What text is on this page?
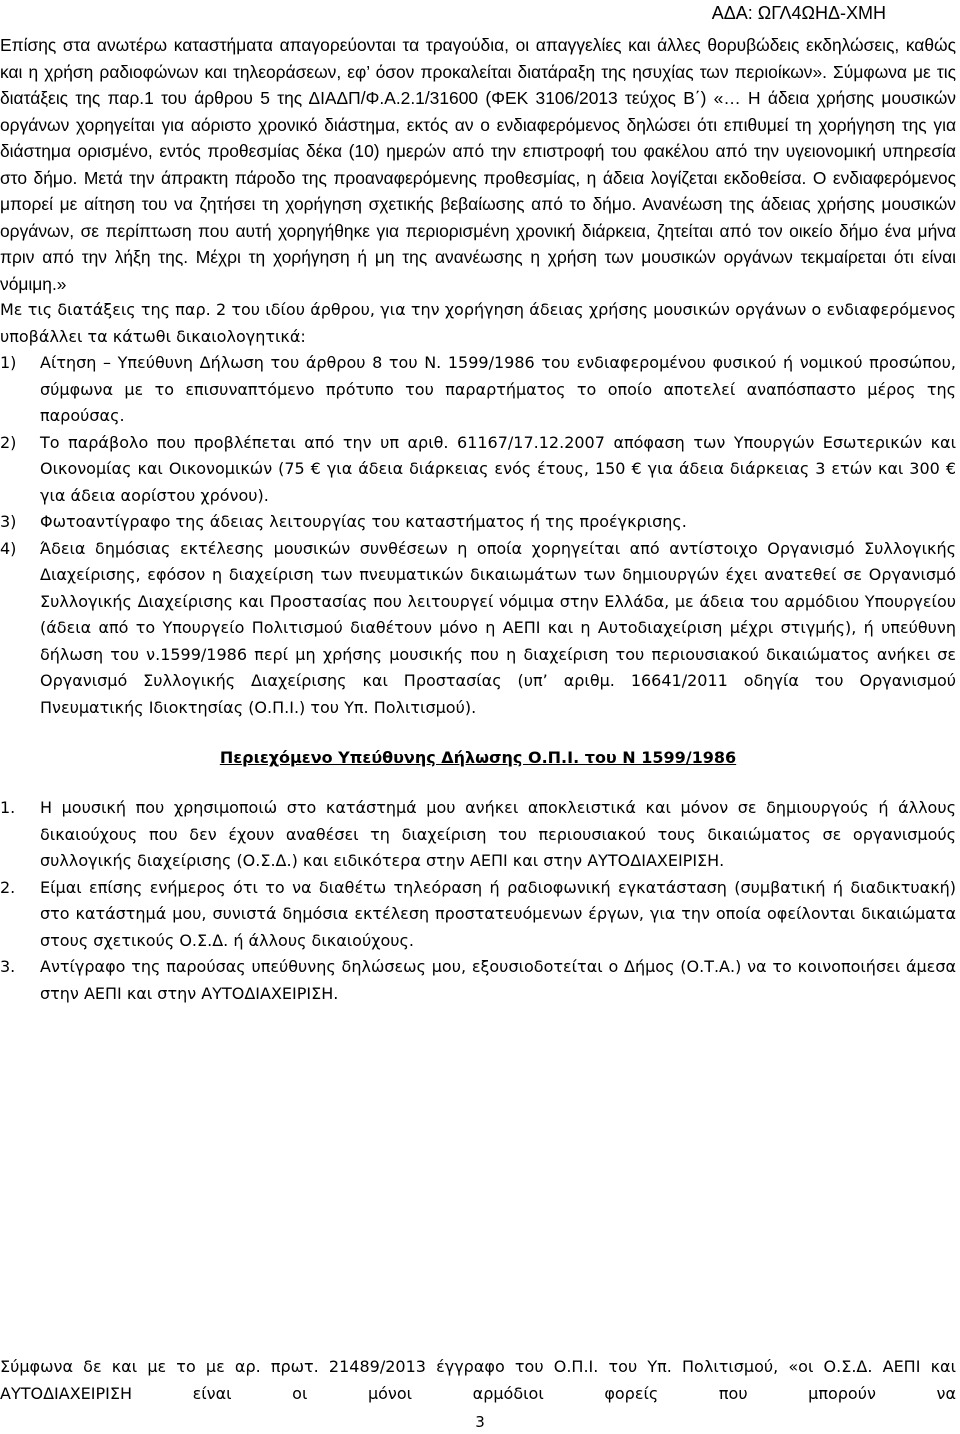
ΑΔΑ: ΩΓΛ4ΩΗΔ-ΧΜΗ

Επίσης στα ανωτέρω καταστήματα απαγορεύονται τα τραγούδια, οι απαγγελίες και άλλες θορυβώδεις εκδηλώσεις, καθώς και η χρήση ραδιοφώνων και τηλεοράσεων, εφ’ όσον προκαλείται διατάραξη της ησυχίας των περιοίκων». Σύμφωνα με τις διατάξεις της παρ.1 του άρθρου 5 της ΔΙΑΔΠ/Φ.Α.2.1/31600 (ΦΕΚ 3106/2013 τεύχος Β΄) «… Η άδεια χρήσης μουσικών οργάνων χορηγείται για αόριστο χρονικό διάστημα, εκτός αν ο ενδιαφερόμενος δηλώσει ότι επιθυμεί τη χορήγηση της για διάστημα ορισμένο, εντός προθεσμίας δέκα (10) ημερών από την επιστροφή του φακέλου από την υγειονομική υπηρεσία στο δήμο. Μετά την άπρακτη πάροδο της προαναφερόμενης προθεσμίας, η άδεια λογίζεται εκδοθείσα. Ο ενδιαφερόμενος μπορεί με αίτηση του να ζητήσει τη χορήγηση σχετικής βεβαίωσης από το δήμο. Ανανέωση της άδειας χρήσης μουσικών οργάνων, σε περίπτωση που αυτή χορηγήθηκε για περιορισμένη χρονική διάρκεια, ζητείται από τον οικείο δήμο ένα μήνα πριν από την λήξη της. Μέχρι τη χορήγηση ή μη της ανανέωσης η χρήση των μουσικών οργάνων τεκμαίρεται ότι είναι νόμιμη.»

Με τις διατάξεις της παρ. 2 του ιδίου άρθρου, για την χορήγηση άδειας χρήσης μουσικών οργάνων ο ενδιαφερόμενος υποβάλλει τα κάτωθι δικαιολογητικά:

1) Αίτηση – Υπεύθυνη Δήλωση του άρθρου 8 του Ν. 1599/1986 του ενδιαφερομένου φυσικού ή νομικού προσώπου, σύμφωνα με το επισυναπτόμενο πρότυπο του παραρτήματος το οποίο αποτελεί αναπόσπαστο μέρος της παρούσας.
2) Το παράβολο που προβλέπεται από την υπ αριθ. 61167/17.12.2007 απόφαση των Υπουργών Εσωτερικών και Οικονομίας και Οικονομικών (75 € για άδεια διάρκειας ενός έτους, 150 € για άδεια διάρκειας 3 ετών και 300 € για άδεια αορίστου χρόνου).
3) Φωτοαντίγραφο της άδειας λειτουργίας του καταστήματος ή της προέγκρισης.
4) Άδεια δημόσιας εκτέλεσης μουσικών συνθέσεων η οποία χορηγείται από αντίστοιχο Οργανισμό Συλλογικής Διαχείρισης, εφόσον η διαχείριση των πνευματικών δικαιωμάτων των δημιουργών έχει ανατεθεί σε Οργανισμό Συλλογικής Διαχείρισης και Προστασίας που λειτουργεί νόμιμα στην Ελλάδα, με άδεια του αρμόδιου Υπουργείου (άδεια από το Υπουργείο Πολιτισμού διαθέτουν μόνο η ΑΕΠΙ και η Αυτοδιαχείριση μέχρι στιγμής), ή υπεύθυνη δήλωση του ν.1599/1986 περί μη χρήσης μουσικής που η διαχείριση του περιουσιακού δικαιώματος ανήκει σε Οργανισμό Συλλογικής Διαχείρισης και Προστασίας (υπ’ αριθμ. 16641/2011 οδηγία του Οργανισμού Πνευματικής Ιδιοκτησίας (Ο.Π.Ι.) του Υπ. Πολιτισμού).
Περιεχόμενο Υπεύθυνης Δήλωσης Ο.Π.Ι. του Ν 1599/1986
1. Η μουσική που χρησιμοποιώ στο κατάστημά μου ανήκει αποκλειστικά και μόνον σε δημιουργούς ή άλλους δικαιούχους που δεν έχουν αναθέσει τη διαχείριση του περιουσιακού τους δικαιώματος σε οργανισμούς συλλογικής διαχείρισης (Ο.Σ.Δ.) και ειδικότερα στην ΑΕΠΙ και στην ΑΥΤΟΔΙΑΧΕΙΡΙΣΗ.
2. Είμαι επίσης ενήμερος ότι το να διαθέτω τηλεόραση ή ραδιοφωνική εγκατάσταση (συμβατική ή διαδικτυακή) στο κατάστημά μου, συνιστά δημόσια εκτέλεση προστατευόμενων έργων, για την οποία οφείλονται δικαιώματα στους σχετικούς Ο.Σ.Δ. ή άλλους δικαιούχους.
3. Αντίγραφο της παρούσας υπεύθυνης δηλώσεως μου, εξουσιοδοτείται ο Δήμος (Ο.Τ.Α.) να το κοινοποιήσει άμεσα στην ΑΕΠΙ και στην ΑΥΤΟΔΙΑΧΕΙΡΙΣΗ.

Σύμφωνα δε και με το με αρ. πρωτ. 21489/2013 έγγραφο του Ο.Π.Ι. του Υπ. Πολιτισμού, «οι Ο.Σ.Δ. ΑΕΠΙ και ΑΥΤΟΔΙΑΧΕΙΡΙΣΗ είναι οι μόνοι αρμόδιοι φορείς που μπορούν να

3
